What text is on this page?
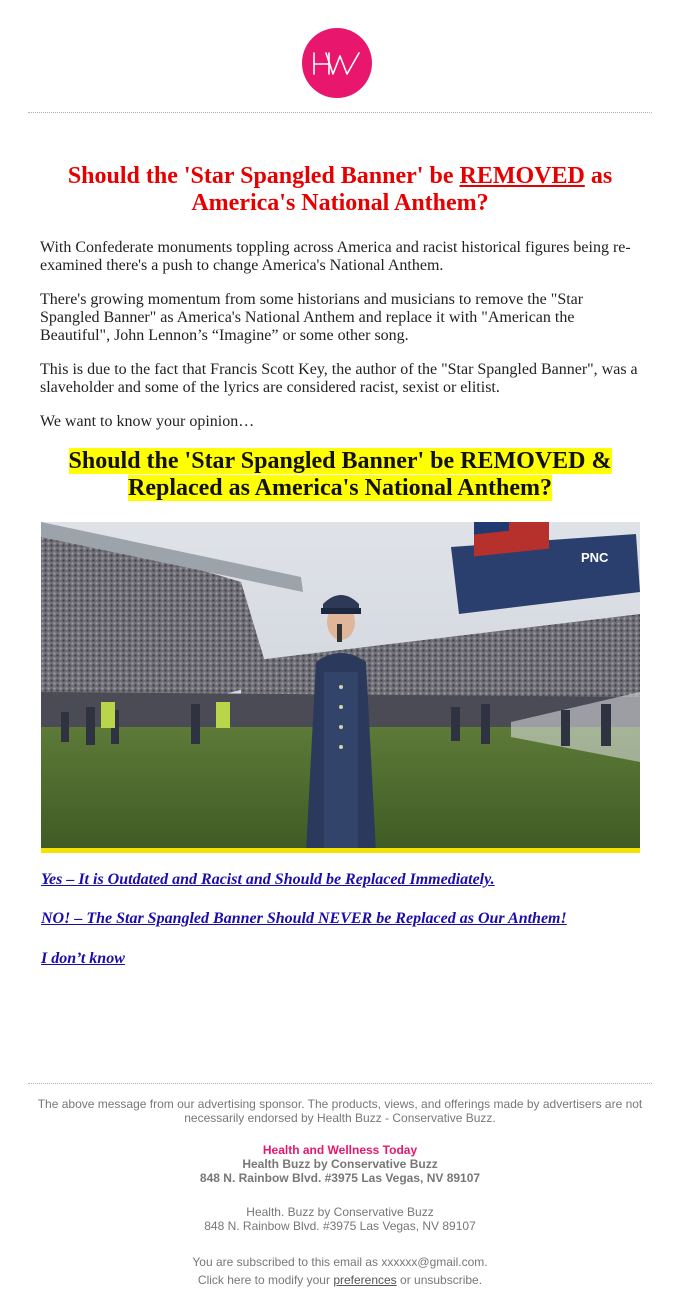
Should the 'Star Spangled Banner' be REMOVED as America's National Anthem?

With Confederate monuments toppling across America and racist historical figures being re-examined there's a push to change America's National Anthem.

There's growing momentum from some historians and musicians to remove the "Star Spangled Banner" as America's National Anthem and replace it with "American the Beautiful", John Lennon’s “Imagine” or some other song.

This is due to the fact that Francis Scott Key, the author of the "Star Spangled Banner", was a slaveholder and some of the lyrics are considered racist, sexist or elitist.

We want to know your opinion…

Should the 'Star Spangled Banner' be REMOVED & Replaced as America's National Anthem?
PNC
Yes – It is Outdated and Racist and Should be Replaced Immediately.
NO! – The Star Spangled Banner Should NEVER be Replaced as Our Anthem!
I don’t know
The above message from our advertising sponsor. The products, views, and offerings made by advertisers are not necessarily endorsed by Health Buzz - Conservative Buzz.
Health and Wellness Today
Health Buzz by Conservative Buzz
848 N. Rainbow Blvd. #3975 Las Vegas, NV 89107
Health. Buzz by Conservative Buzz
848 N. Rainbow Blvd. #3975 Las Vegas, NV 89107
You are subscribed to this email as xxxxxx@gmail.com.
Click here to modify your preferences or unsubscribe.
